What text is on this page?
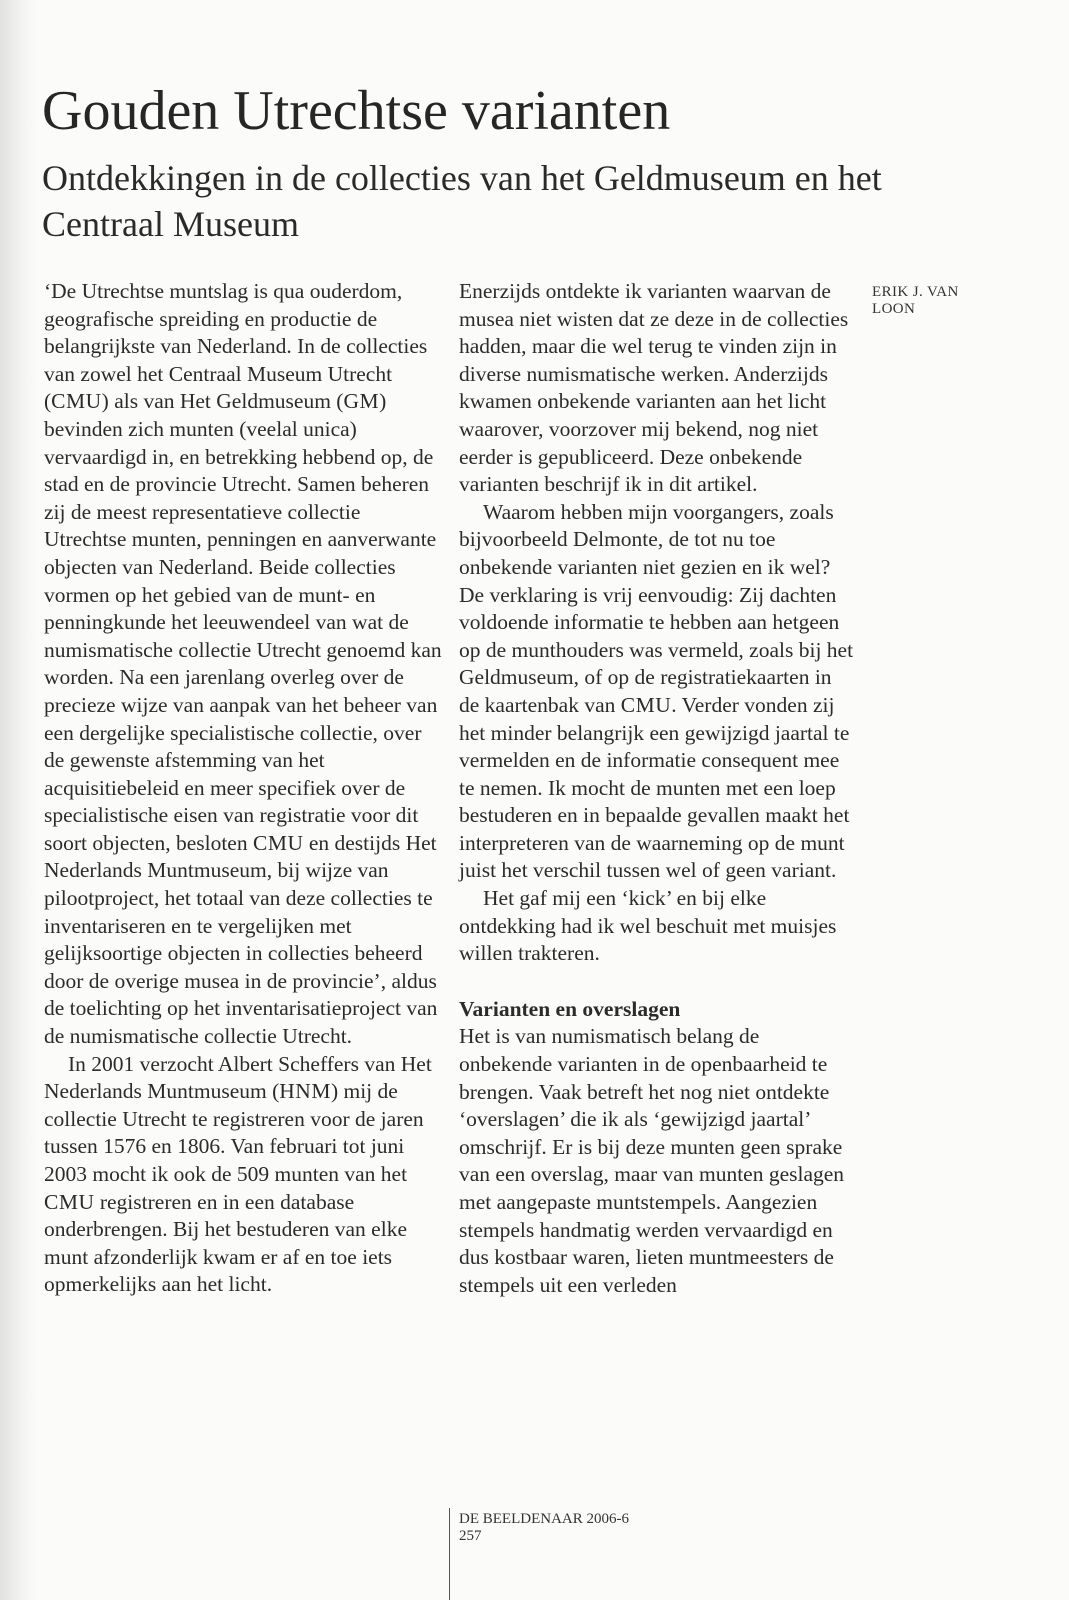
Gouden Utrechtse varianten
Ontdekkingen in de collecties van het Geldmuseum en het Centraal Museum
ERIK J. VAN LOON

‘De Utrechtse muntslag is qua ouderdom, geografische spreiding en productie de belangrijkste van Nederland. In de collecties van zowel het Centraal Museum Utrecht (CMU) als van Het Geldmuseum (GM) bevinden zich munten (veelal unica) vervaardigd in, en betrekking hebbend op, de stad en de provincie Utrecht. Samen beheren zij de meest representatieve collectie Utrechtse munten, penningen en aanverwante objecten van Nederland. Beide collecties vormen op het gebied van de munt- en penningkunde het leeuwendeel van wat de numismatische collectie Utrecht genoemd kan worden. Na een jarenlang overleg over de precieze wijze van aanpak van het beheer van een dergelijke specialistische collectie, over de gewenste afstemming van het acquisitiebeleid en meer specifiek over de specialistische eisen van registratie voor dit soort objecten, besloten CMU en destijds Het Nederlands Muntmuseum, bij wijze van pilootproject, het totaal van deze collecties te inventariseren en te vergelijken met gelijksoortige objecten in collecties beheerd door de overige musea in de provincie’, aldus de toelichting op het inventarisatieproject van de numismatische collectie Utrecht.

In 2001 verzocht Albert Scheffers van Het Nederlands Muntmuseum (HNM) mij de collectie Utrecht te registreren voor de jaren tussen 1576 en 1806. Van februari tot juni 2003 mocht ik ook de 509 munten van het CMU registreren en in een database onderbrengen. Bij het bestuderen van elke munt afzonderlijk kwam er af en toe iets opmerkelijks aan het licht.

Enerzijds ontdekte ik varianten waarvan de musea niet wisten dat ze deze in de collecties hadden, maar die wel terug te vinden zijn in diverse numismatische werken. Anderzijds kwamen onbekende varianten aan het licht waarover, voorzover mij bekend, nog niet eerder is gepubliceerd. Deze onbekende varianten beschrijf ik in dit artikel.

Waarom hebben mijn voorgangers, zoals bijvoorbeeld Delmonte, de tot nu toe onbekende varianten niet gezien en ik wel? De verklaring is vrij eenvoudig: Zij dachten voldoende informatie te hebben aan hetgeen op de munthouders was vermeld, zoals bij het Geldmuseum, of op de registratiekaarten in de kaartenbak van CMU. Verder vonden zij het minder belangrijk een gewijzigd jaartal te vermelden en de informatie consequent mee te nemen. Ik mocht de munten met een loep bestuderen en in bepaalde gevallen maakt het interpreteren van de waarneming op de munt juist het verschil tussen wel of geen variant.

Het gaf mij een ‘kick’ en bij elke ontdekking had ik wel beschuit met muisjes willen trakteren.

Varianten en overslagen

Het is van numismatisch belang de onbekende varianten in de openbaarheid te brengen. Vaak betreft het nog niet ontdekte ‘overslagen’ die ik als ‘gewijzigd jaartal’ omschrijf. Er is bij deze munten geen sprake van een overslag, maar van munten geslagen met aangepaste muntstempels. Aangezien stempels handmatig werden vervaardigd en dus kostbaar waren, lieten muntmeesters de stempels uit een verleden

DE BEELDENAAR 2006-6
257
